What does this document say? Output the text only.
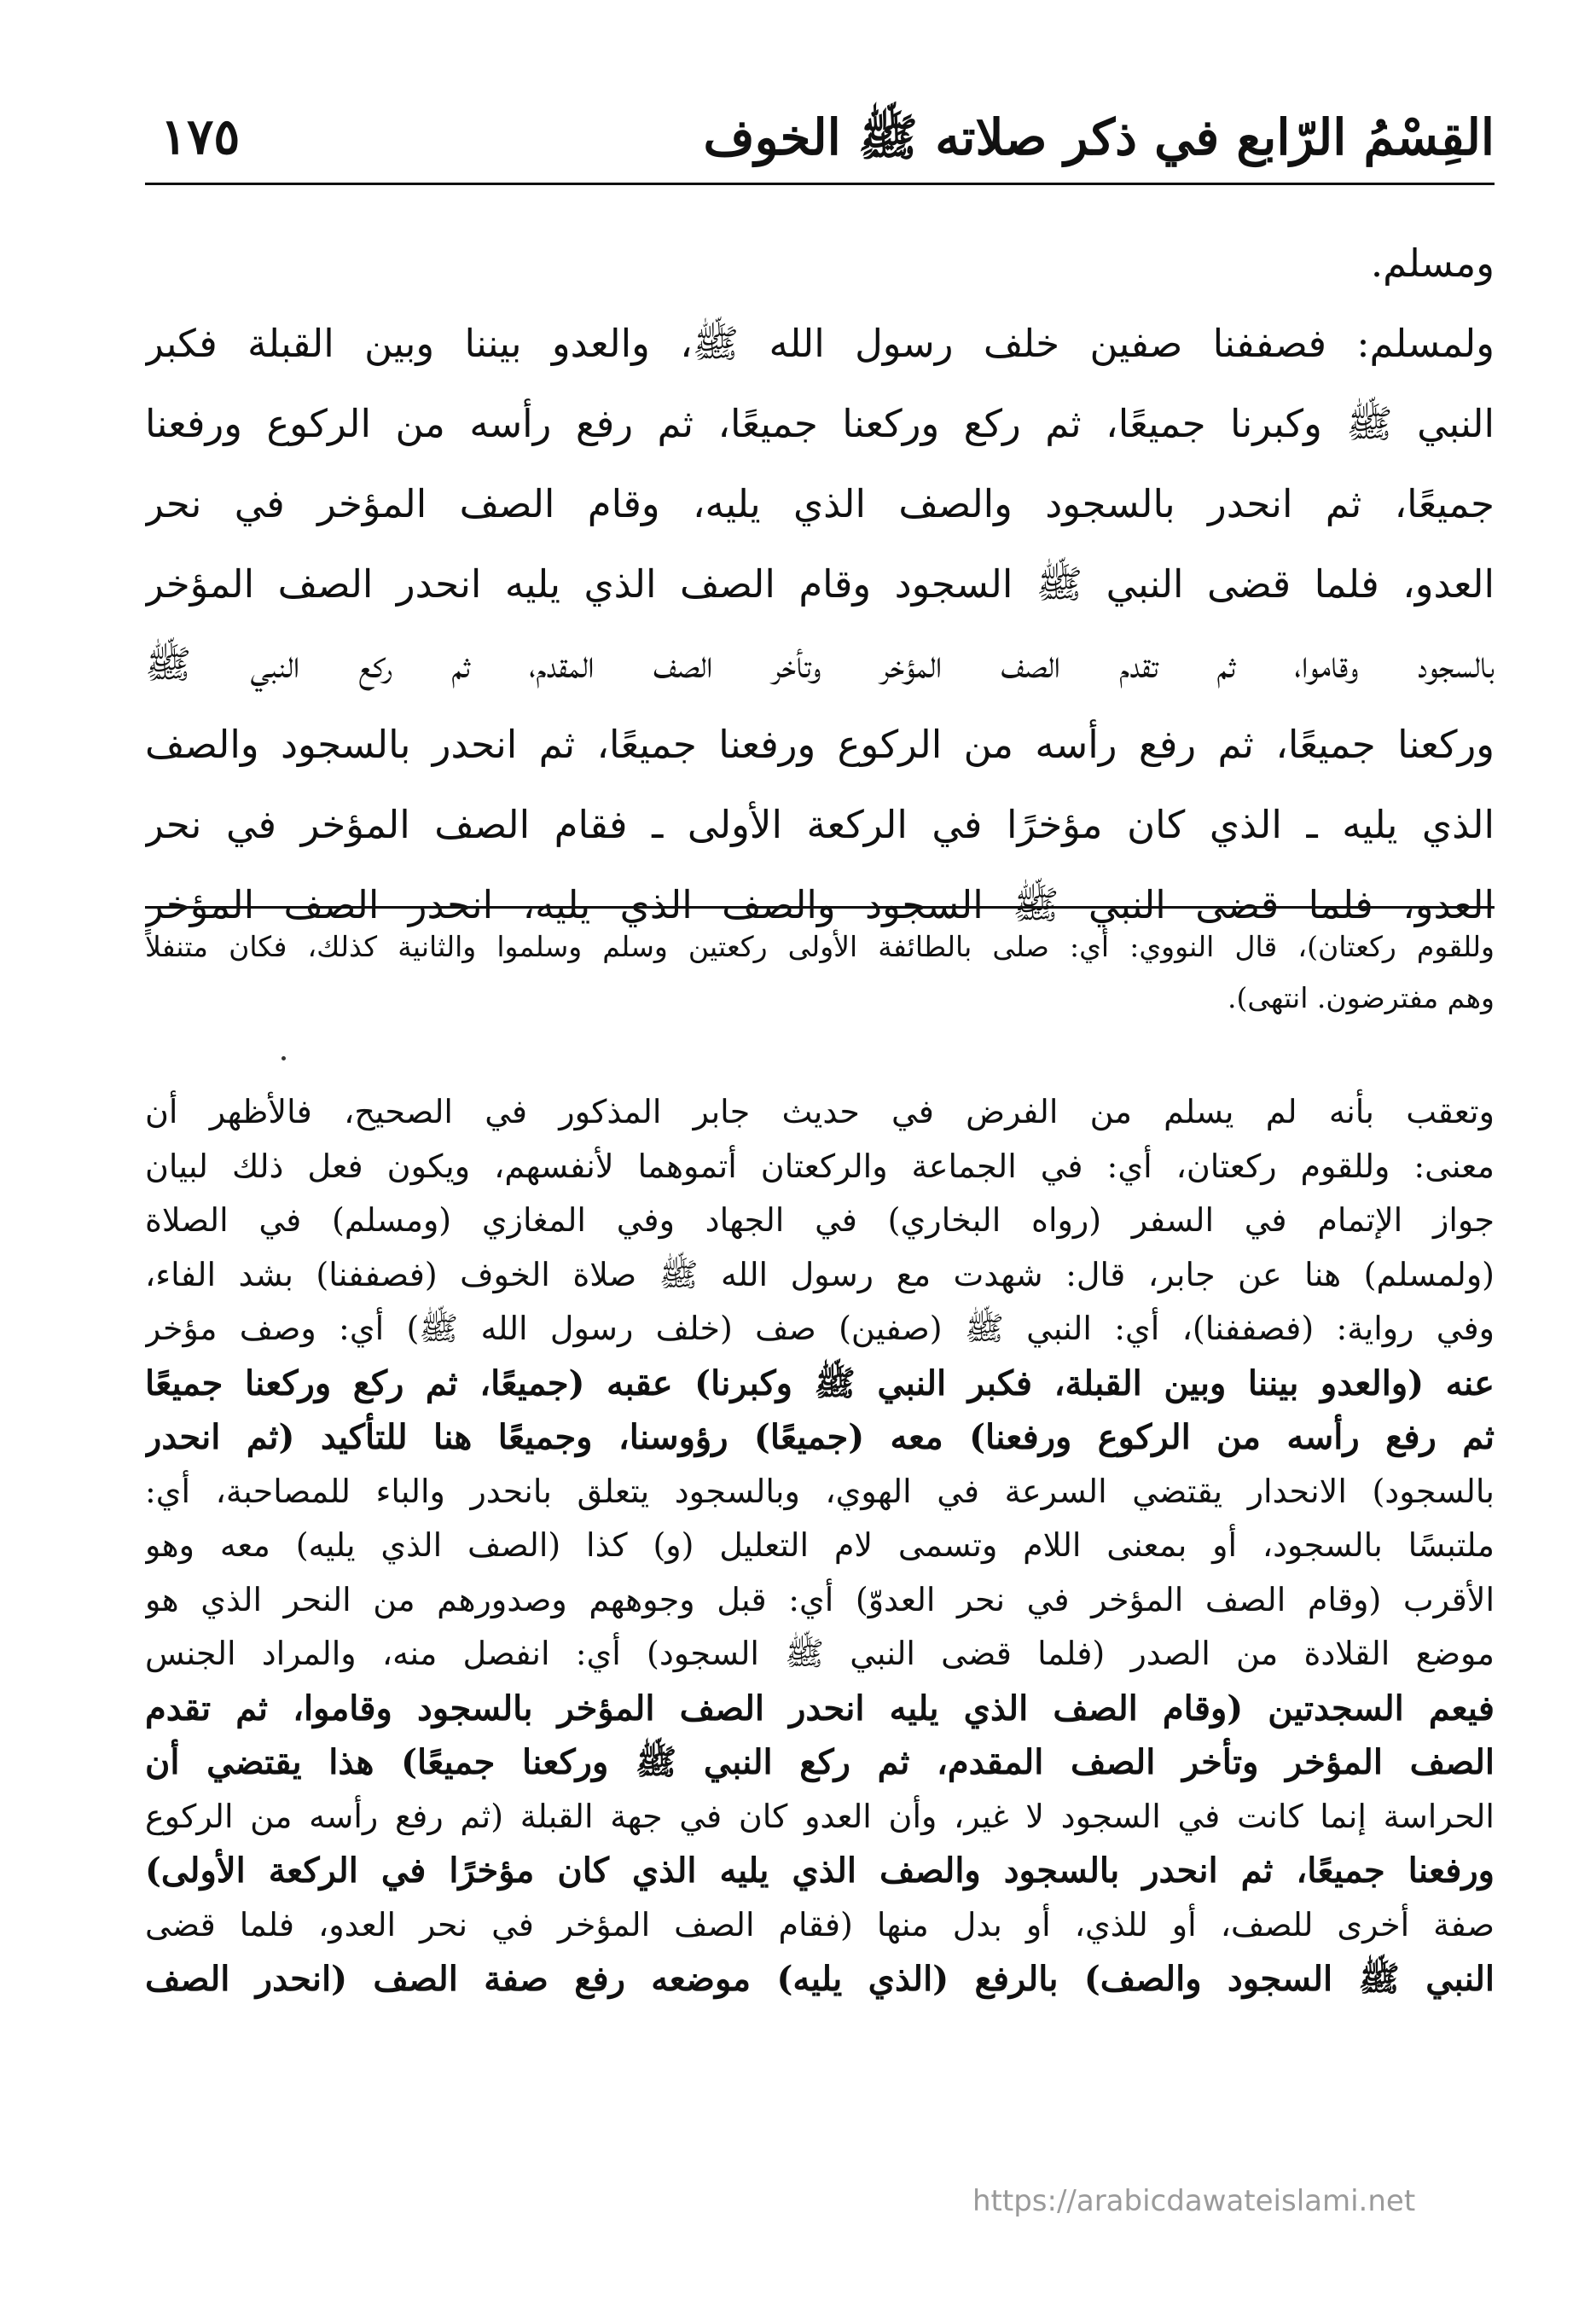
القِسْمُ الرّابع في ذكر صلاته ﷺ الخوف
١٧٥
ومسلم.
ولمسلم: فصففنا صفين خلف رسول الله ﷺ، والعدو بيننا وبين القبلة فكبر
النبي ﷺ وكبرنا جميعًا، ثم ركع وركعنا جميعًا، ثم رفع رأسه من الركوع ورفعنا
جميعًا، ثم انحدر بالسجود والصف الذي يليه، وقام الصف المؤخر في نحر
العدو، فلما قضى النبي ﷺ السجود وقام الصف الذي يليه انحدر الصف المؤخر
بالسجود وقاموا، ثم تقدم الصف المؤخر وتأخر الصف المقدم، ثم ركع النبي ﷺ
وركعنا جميعًا، ثم رفع رأسه من الركوع ورفعنا جميعًا، ثم انحدر بالسجود والصف
الذي يليه ـ الذي كان مؤخرًا في الركعة الأولى ـ فقام الصف المؤخر في نحر
العدو، فلما قضى النبي ﷺ السجود والصف الذي يليه، انحدر الصف المؤخر
وللقوم ركعتان)، قال النووي: أي: صلى بالطائفة الأولى ركعتين وسلم وسلموا والثانية كذلك، فكان متنفلاً
وهم مفترضون. انتهى).
وتعقب بأنه لم يسلم من الفرض في حديث جابر المذكور في الصحيح، فالأظهر أن
معنى: وللقوم ركعتان، أي: في الجماعة والركعتان أتموهما لأنفسهم، ويكون فعل ذلك لبيان
جواز الإتمام في السفر (رواه البخاري) في الجهاد وفي المغازي (ومسلم) في الصلاة
(ولمسلم) هنا عن جابر، قال: شهدت مع رسول الله ﷺ صلاة الخوف (فصففنا) بشد الفاء،
وفي رواية: (فصففنا)، أي: النبي ﷺ (صفين) صف (خلف رسول الله ﷺ) أي: وصف مؤخر
عنه (والعدو بيننا وبين القبلة، فكبر النبي ﷺ وكبرنا) عقبه (جميعًا، ثم ركع وركعنا جميعًا
ثم رفع رأسه من الركوع ورفعنا) معه (جميعًا) رؤوسنا، وجميعًا هنا للتأكيد (ثم انحدر
بالسجود) الانحدار يقتضي السرعة في الهوي، وبالسجود يتعلق بانحدر والباء للمصاحبة، أي:
ملتبسًا بالسجود، أو بمعنى اللام وتسمى لام التعليل (و) كذا (الصف الذي يليه) معه وهو
الأقرب (وقام الصف المؤخر في نحر العدوّ) أي: قبل وجوههم وصدورهم من النحر الذي هو
موضع القلادة من الصدر (فلما قضى النبي ﷺ السجود) أي: انفصل منه، والمراد الجنس
فيعم السجدتين (وقام الصف الذي يليه انحدر الصف المؤخر بالسجود وقاموا، ثم تقدم
الصف المؤخر وتأخر الصف المقدم، ثم ركع النبي ﷺ وركعنا جميعًا) هذا يقتضي أن
الحراسة إنما كانت في السجود لا غير، وأن العدو كان في جهة القبلة (ثم رفع رأسه من الركوع
ورفعنا جميعًا، ثم انحدر بالسجود والصف الذي يليه الذي كان مؤخرًا في الركعة الأولى)
صفة أخرى للصف، أو للذي، أو بدل منها (فقام الصف المؤخر في نحر العدو، فلما قضى
النبي ﷺ السجود والصف) بالرفع (الذي يليه) موضعه رفع صفة الصف (انحدر الصف
https://arabicdawateislami.net
